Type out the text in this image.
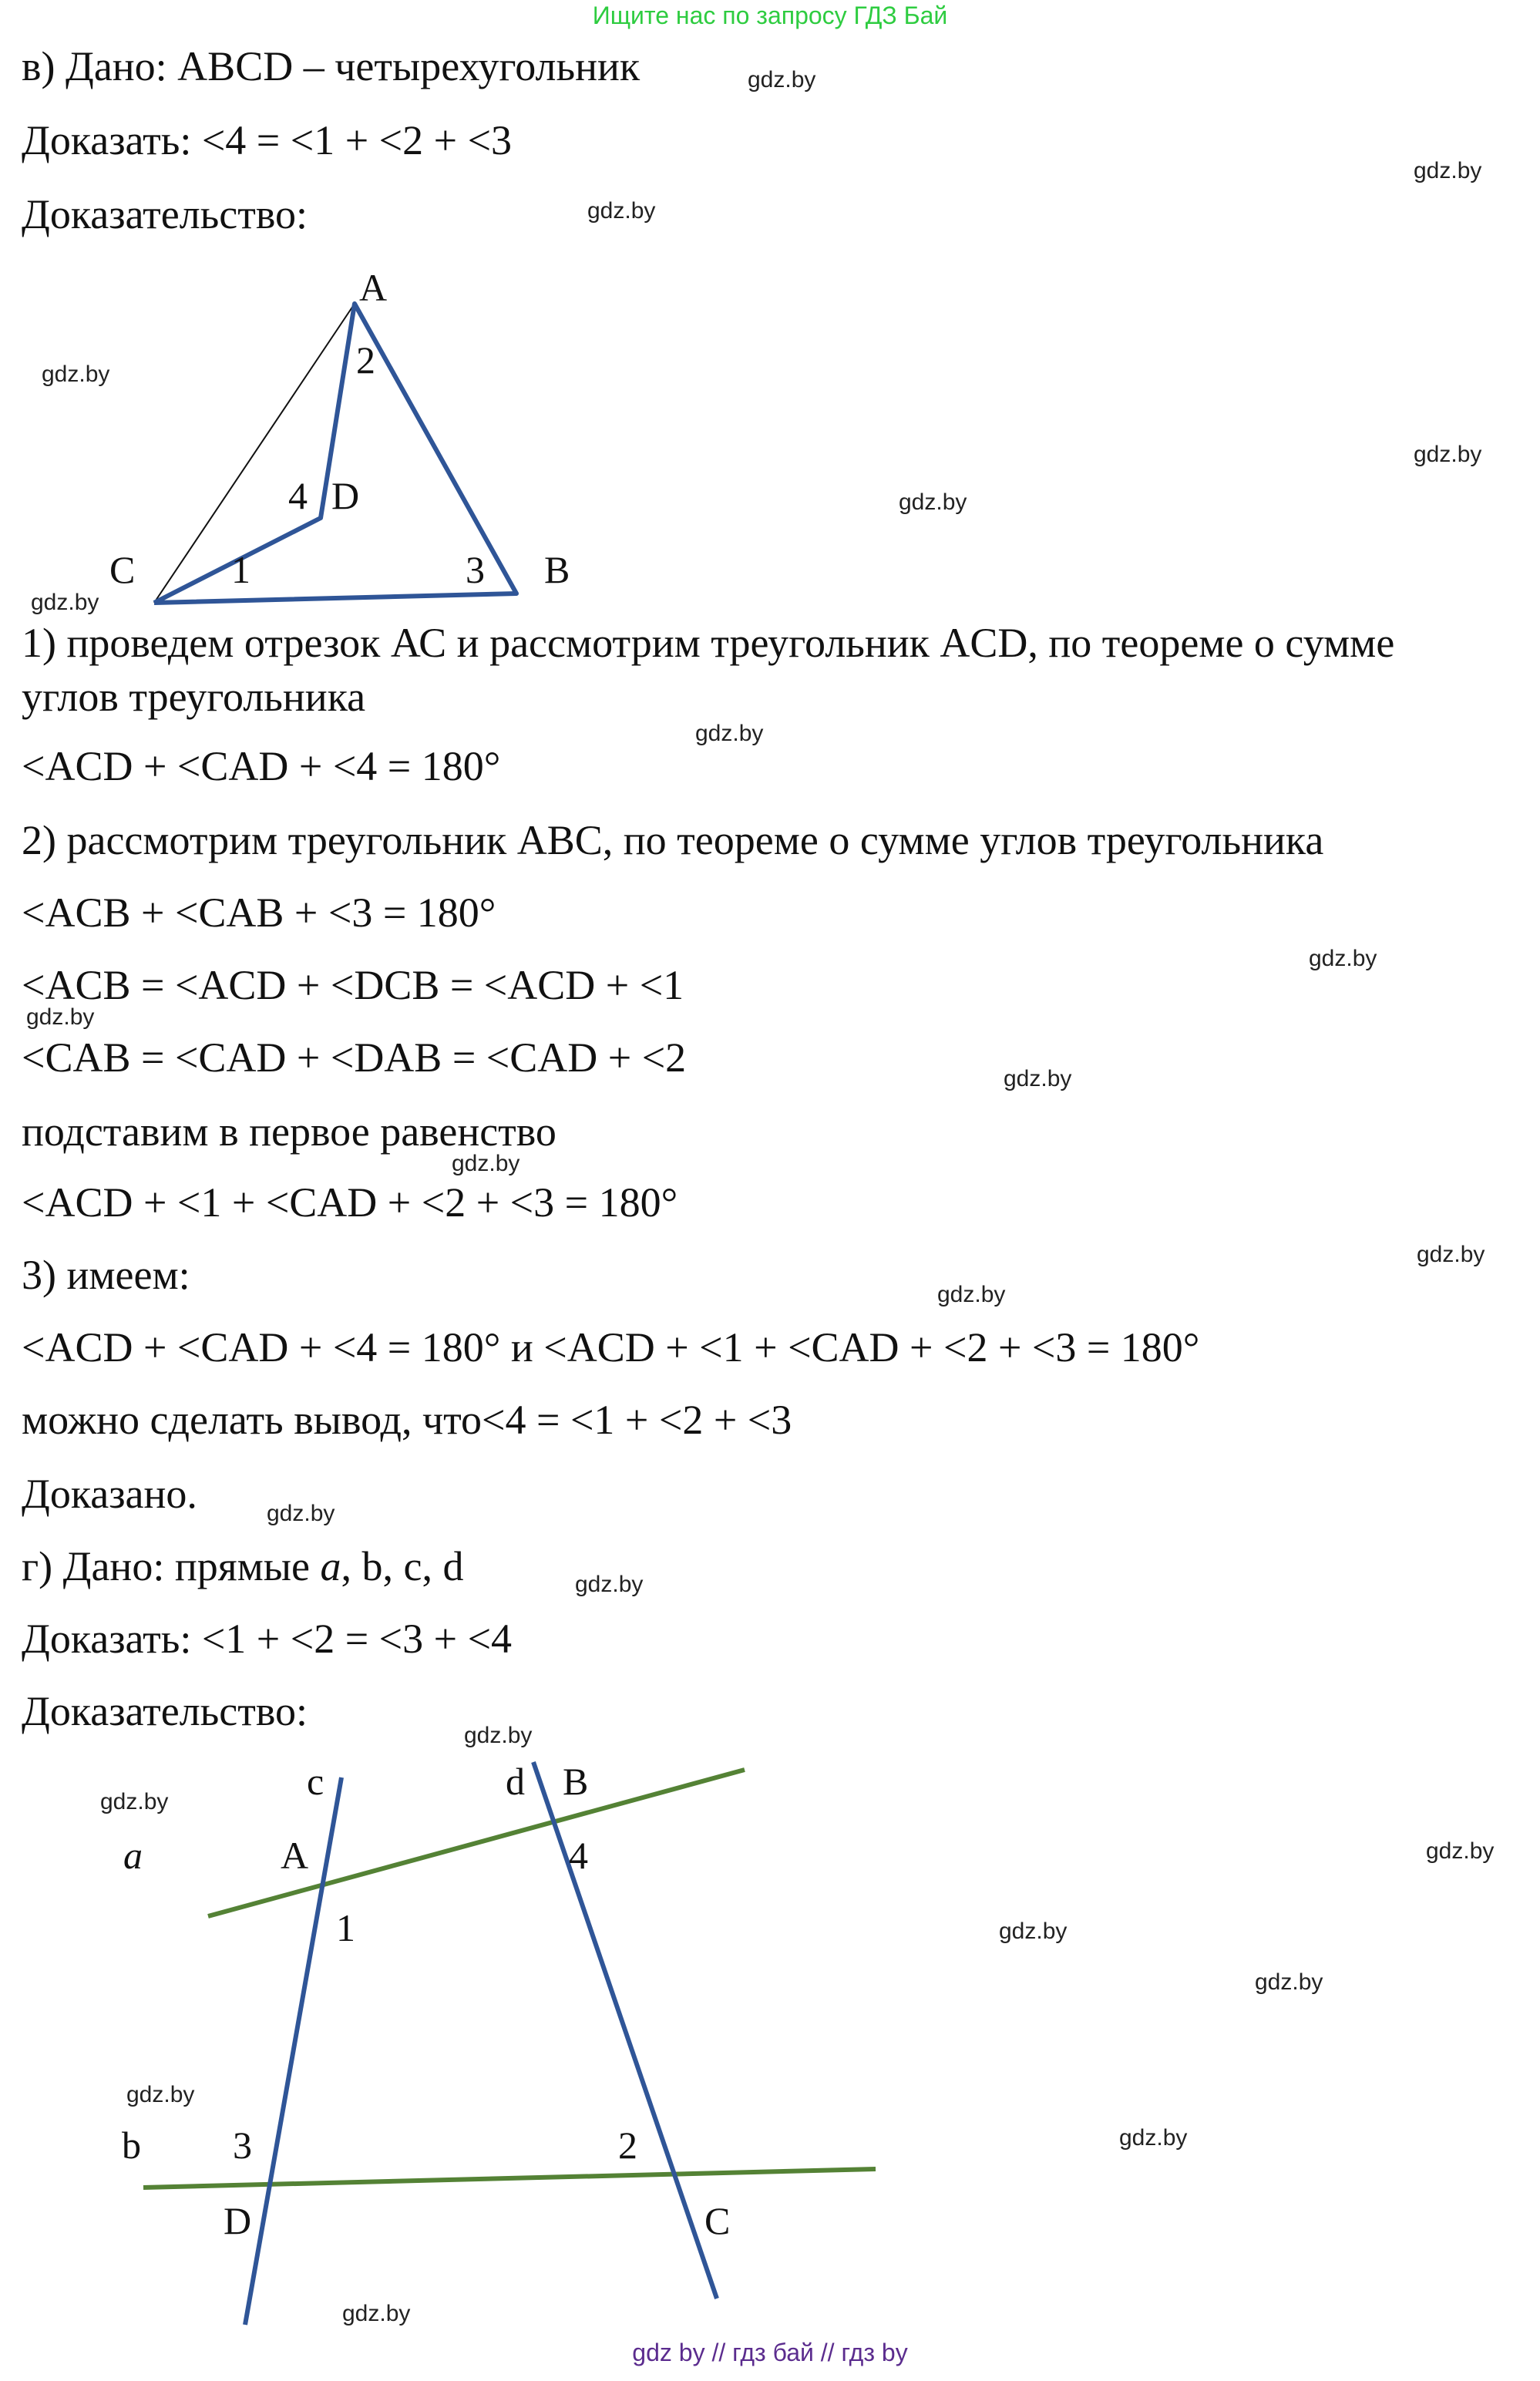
Ищите нас по запросу ГДЗ Бай
в) Дано: ABCD – четырехугольник
Доказать: <4 = <1 + <2 + <3
Доказательство:
A
B
C
D
1
2
3
4
a
b
c	d
A
B
C
D
1
2
3
4
1) проведем отрезок АС и рассмотрим треугольник ACD, по теореме о сумме
углов треугольника
<ACD + <CAD + <4 = 180°
2) рассмотрим треугольник ABC, по теореме о сумме углов треугольника
<ACB + <CAB + <3 = 180°
<ACB = <ACD + <DCB = <ACD + <1
<CAB = <CAD + <DAB = <CAD + <2
подставим в первое равенство
<ACD + <1 + <CAD + <2 + <3 = 180°
3) имеем:
<ACD + <CAD + <4 = 180° и <ACD + <1 + <CAD + <2 + <3 = 180°
можно сделать вывод, что<4 = <1 + <2 + <3
Доказано.
г) Дано: прямые a, b, c, d
Доказать: <1 + <2 = <3 + <4
Доказательство:
gdz.by
gdz.by
gdz.by
gdz.by
gdz.by
gdz.by
gdz.by
gdz.by
gdz.by
gdz.by
gdz.by
gdz.by
gdz.by
gdz.by
gdz.by
gdz.by
gdz.by
gdz.by
gdz.by
gdz.by
gdz.by
gdz.by
gdz.by
gdz.by
gdz by // гдз бай // гдз by
